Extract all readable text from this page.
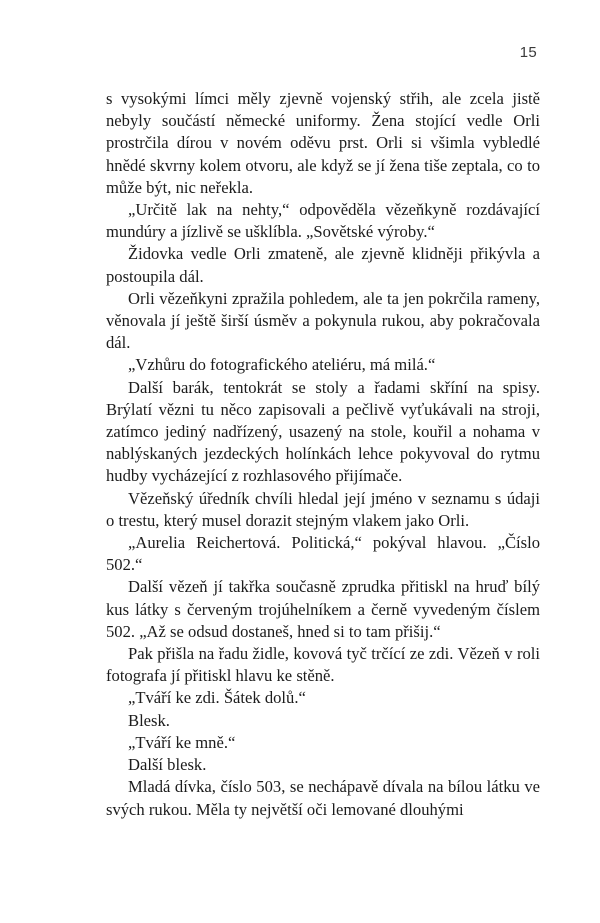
15

s vysokými límci měly zjevně vojenský střih, ale zcela jistě nebyly součástí německé uniformy. Žena stojící vedle Orli prostrčila dírou v novém oděvu prst. Orli si všimla vybledlé hnědé skvrny kolem otvoru, ale když se jí žena tiše zeptala, co to může být, nic neřekla.

„Určitě lak na nehty,“ odpověděla vězeňkyně rozdávající mundúry a jízlivě se ušklíbla. „Sovětské výroby.“

Židovka vedle Orli zmateně, ale zjevně klidněji přikývla a postoupila dál.

Orli vězeňkyni zpražila pohledem, ale ta jen pokrčila rameny, věnovala jí ještě širší úsměv a pokynula rukou, aby pokračovala dál.

„Vzhůru do fotografického ateliéru, má milá.“

Další barák, tentokrát se stoly a řadami skříní na spisy. Brýlatí vězni tu něco zapisovali a pečlivě vyťukávali na stroji, zatímco jediný nadřízený, usazený na stole, kouřil a nohama v nablýskaných jezdeckých holínkách lehce pokyvoval do rytmu hudby vycházející z rozhlasového přijímače.

Vězeňský úředník chvíli hledal její jméno v seznamu s údaji o trestu, který musel dorazit stejným vlakem jako Orli.

„Aurelia Reichertová. Politická,“ pokýval hlavou. „Číslo 502.“

Další vězeň jí takřka současně zprudka přitiskl na hruď bílý kus látky s červeným trojúhelníkem a černě vyvedeným číslem 502. „Až se odsud dostaneš, hned si to tam přišij.“

Pak přišla na řadu židle, kovová tyč trčící ze zdi. Vězeň v roli fotografa jí přitiskl hlavu ke stěně.

„Tváří ke zdi. Šátek dolů.“

Blesk.

„Tváří ke mně.“

Další blesk.

Mladá dívka, číslo 503, se nechápavě dívala na bílou látku ve svých rukou. Měla ty největší oči lemované dlouhými
